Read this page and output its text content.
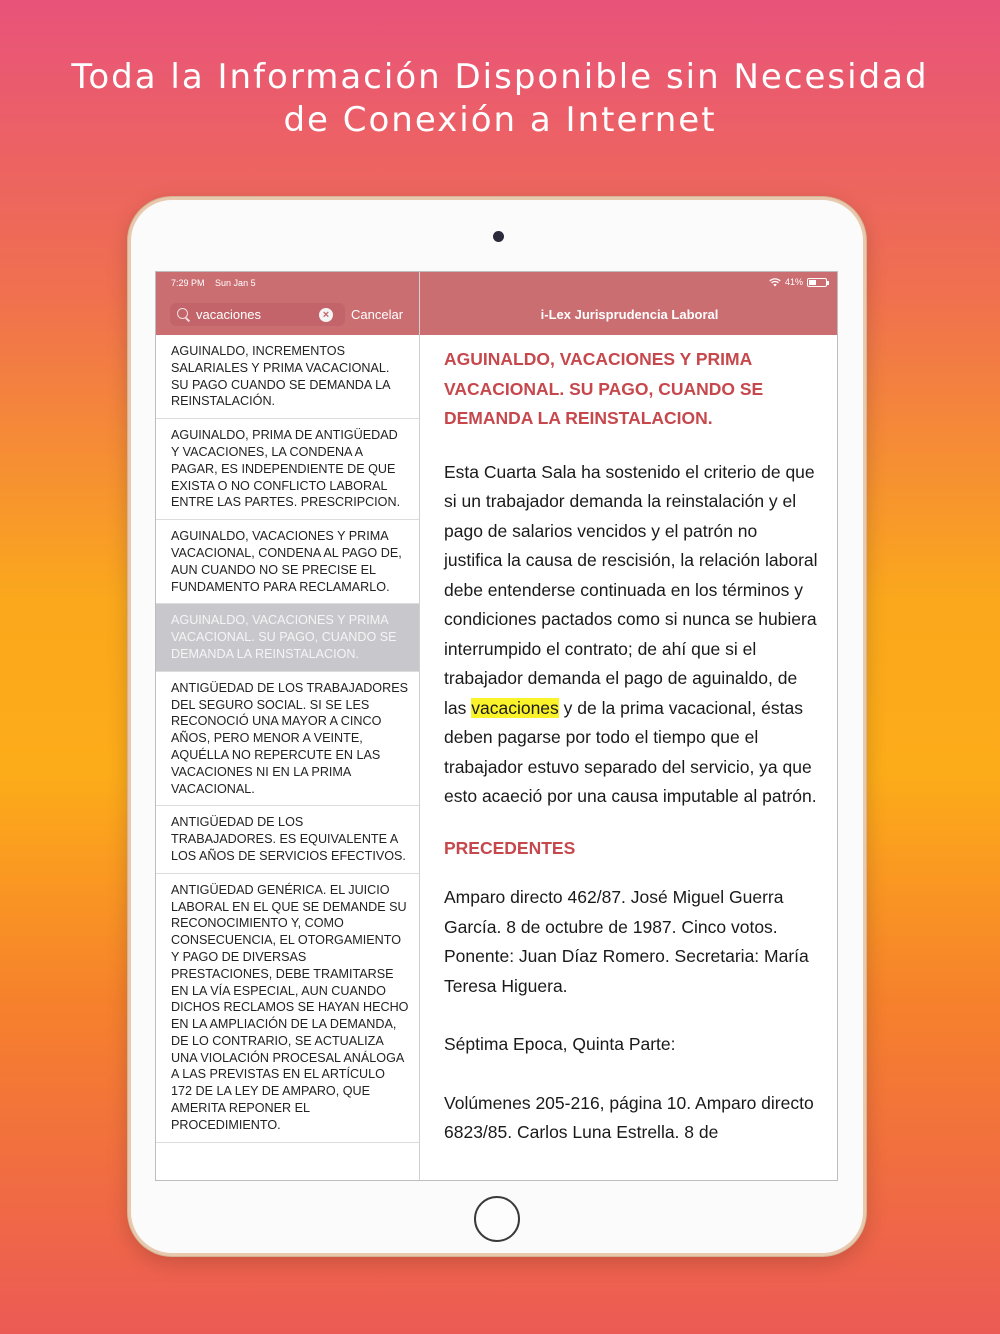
Toda la Información Disponible sin Necesidad
de Conexión a Internet
7:29 PM Sun Jan 5	41%
vacaciones
× Cancelar	i-Lex Jurisprudencia Laboral
AGUINALDO, INCREMENTOS SALARIALES Y PRIMA VACACIONAL. SU PAGO CUANDO SE DEMANDA LA REINSTALACIÓN.
AGUINALDO, PRIMA DE ANTIGÜEDAD Y VACACIONES, LA CONDENA A PAGAR, ES INDEPENDIENTE DE QUE EXISTA O NO CONFLICTO LABORAL ENTRE LAS PARTES. PRESCRIPCION.
AGUINALDO, VACACIONES Y PRIMA VACACIONAL, CONDENA AL PAGO DE, AUN CUANDO NO SE PRECISE EL FUNDAMENTO PARA RECLAMARLO.
AGUINALDO, VACACIONES Y PRIMA VACACIONAL. SU PAGO, CUANDO SE DEMANDA LA REINSTALACION.
ANTIGÜEDAD DE LOS TRABAJADORES DEL SEGURO SOCIAL. SI SE LES RECONOCIÓ UNA MAYOR A CINCO AÑOS, PERO MENOR A VEINTE, AQUÉLLA NO REPERCUTE EN LAS VACACIONES NI EN LA PRIMA VACACIONAL.
ANTIGÜEDAD DE LOS TRABAJADORES. ES EQUIVALENTE A LOS AÑOS DE SERVICIOS EFECTIVOS.
ANTIGÜEDAD GENÉRICA. EL JUICIO LABORAL EN EL QUE SE DEMANDE SU RECONOCIMIENTO Y, COMO CONSECUENCIA, EL OTORGAMIENTO Y PAGO DE DIVERSAS PRESTACIONES, DEBE TRAMITARSE EN LA VÍA ESPECIAL, AUN CUANDO DICHOS RECLAMOS SE HAYAN HECHO EN LA AMPLIACIÓN DE LA DEMANDA, DE LO CONTRARIO, SE ACTUALIZA UNA VIOLACIÓN PROCESAL ANÁLOGA A LAS PREVISTAS EN EL ARTÍCULO 172 DE LA LEY DE AMPARO, QUE AMERITA REPONER EL PROCEDIMIENTO.
AGUINALDO, VACACIONES Y PRIMA VACACIONAL. SU PAGO, CUANDO SE DEMANDA LA REINSTALACION.
Esta Cuarta Sala ha sostenido el criterio de que si un trabajador demanda la reinstalación y el pago de salarios vencidos y el patrón no justifica la causa de rescisión, la relación laboral debe entenderse continuada en los términos y condiciones pactados como si nunca se hubiera interrumpido el contrato; de ahí que si el trabajador demanda el pago de aguinaldo, de las vacaciones y de la prima vacacional, éstas deben pagarse por todo el tiempo que el trabajador estuvo separado del servicio, ya que esto acaeció por una causa imputable al patrón.
PRECEDENTES
Amparo directo 462/87. José Miguel Guerra García. 8 de octubre de 1987. Cinco votos. Ponente: Juan Díaz Romero. Secretaria: María Teresa Higuera.
Séptima Epoca, Quinta Parte:
Volúmenes 205-216, página 10. Amparo directo 6823/85. Carlos Luna Estrella. 8 de
